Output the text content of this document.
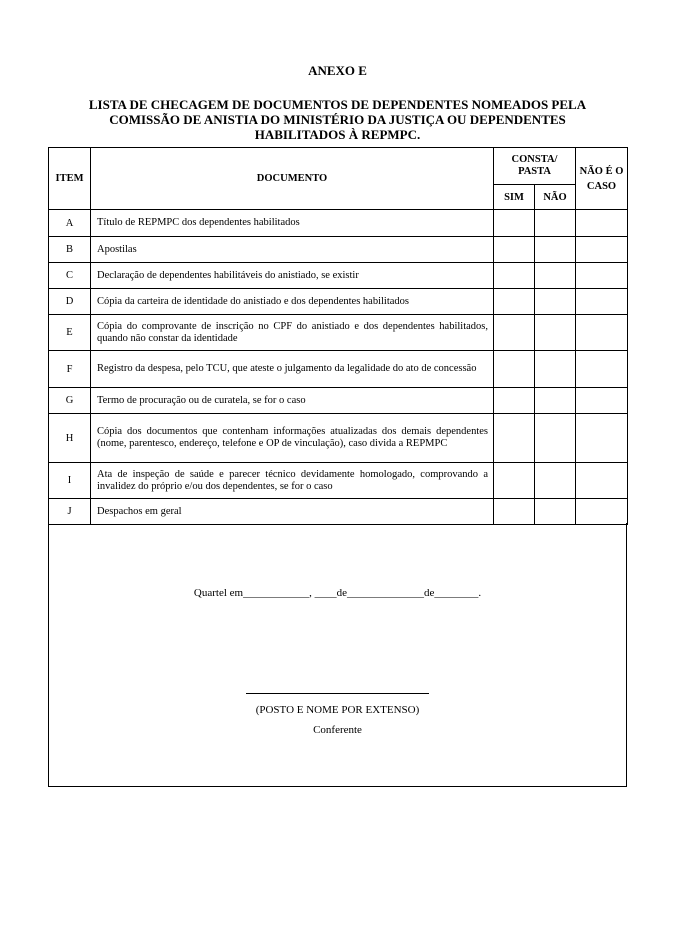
ANEXO E
LISTA DE CHECAGEM DE DOCUMENTOS DE DEPENDENTES NOMEADOS PELA
COMISSÃO DE ANISTIA DO MINISTÉRIO DA JUSTIÇA OU DEPENDENTES
HABILITADOS À REPMPC.
ITEM	DOCUMENTO	CONSTA/ PASTA		NÃO É O CASO
		SIM	NÃO	
A	Título de REPMPC dos dependentes habilitados			
B	Apostilas			
C	Declaração de dependentes habilitáveis do anistiado, se existir			
D	Cópia da carteira de identidade do anistiado e dos dependentes habilitados			
E	Cópia do comprovante de inscrição no CPF do anistiado e dos dependentes habilitados, quando não constar da identidade			
F	Registro da despesa, pelo TCU, que ateste o julgamento da legalidade do ato de concessão			
G	Termo de procuração ou de curatela, se for o caso			
H	Cópia dos documentos que contenham informações atualizadas dos demais dependentes (nome, parentesco, endereço, telefone e OP de vinculação), caso divida a REPMPC			
I	Ata de inspeção de saúde e parecer técnico devidamente homologado, comprovando a invalidez do próprio e/ou dos dependentes, se for o caso			
J	Despachos em geral			
Quartel em____________, ____de______________de________.
(POSTO E NOME POR EXTENSO)
Conferente
